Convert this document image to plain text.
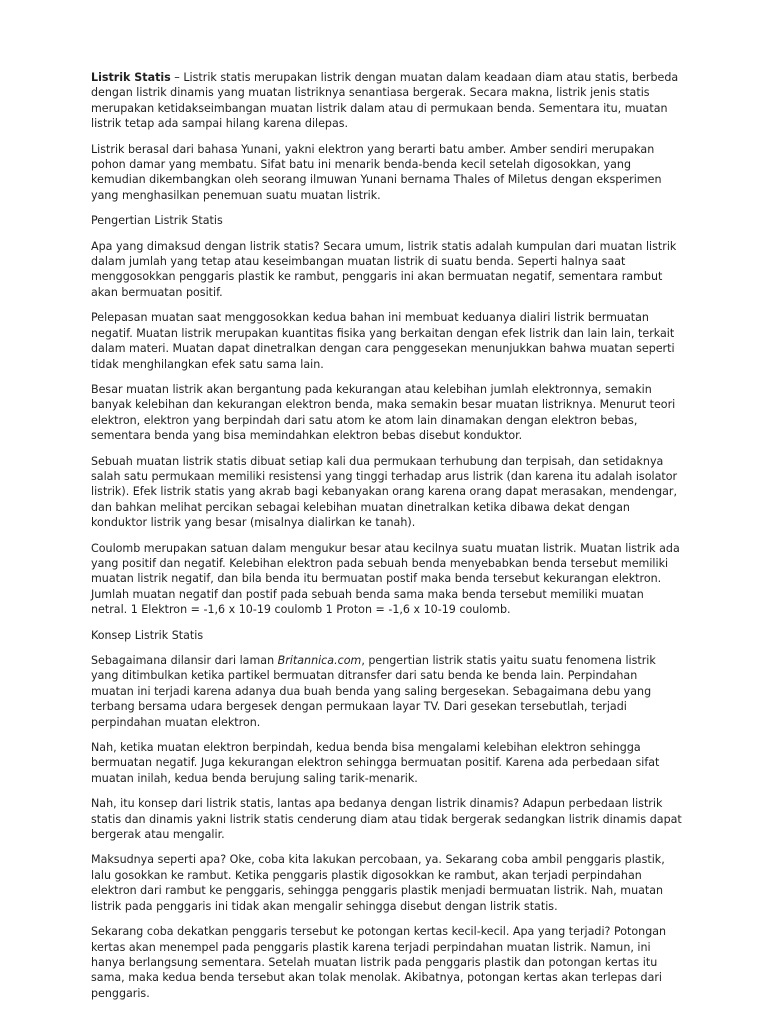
Listrik Statis – Listrik statis merupakan listrik dengan muatan dalam keadaan diam atau statis, berbeda dengan listrik dinamis yang muatan listriknya senantiasa bergerak. Secara makna, listrik jenis statis merupakan ketidakseimbangan muatan listrik dalam atau di permukaan benda. Sementara itu, muatan listrik tetap ada sampai hilang karena dilepas.

Listrik berasal dari bahasa Yunani, yakni elektron yang berarti batu amber. Amber sendiri merupakan pohon damar yang membatu. Sifat batu ini menarik benda-benda kecil setelah digosokkan, yang kemudian dikembangkan oleh seorang ilmuwan Yunani bernama Thales of Miletus dengan eksperimen yang menghasilkan penemuan suatu muatan listrik.

Pengertian Listrik Statis

Apa yang dimaksud dengan listrik statis? Secara umum, listrik statis adalah kumpulan dari muatan listrik dalam jumlah yang tetap atau keseimbangan muatan listrik di suatu benda. Seperti halnya saat menggosokkan penggaris plastik ke rambut, penggaris ini akan bermuatan negatif, sementara rambut akan bermuatan positif.

Pelepasan muatan saat menggosokkan kedua bahan ini membuat keduanya dialiri listrik bermuatan negatif. Muatan listrik merupakan kuantitas fisika yang berkaitan dengan efek listrik dan lain lain, terkait dalam materi. Muatan dapat dinetralkan dengan cara penggesekan menunjukkan bahwa muatan seperti tidak menghilangkan efek satu sama lain.

Besar muatan listrik akan bergantung pada kekurangan atau kelebihan jumlah elektronnya, semakin banyak kelebihan dan kekurangan elektron benda, maka semakin besar muatan listriknya. Menurut teori elektron, elektron yang berpindah dari satu atom ke atom lain dinamakan dengan elektron bebas, sementara benda yang bisa memindahkan elektron bebas disebut konduktor.

Sebuah muatan listrik statis dibuat setiap kali dua permukaan terhubung dan terpisah, dan setidaknya salah satu permukaan memiliki resistensi yang tinggi terhadap arus listrik (dan karena itu adalah isolator listrik). Efek listrik statis yang akrab bagi kebanyakan orang karena orang dapat merasakan, mendengar, dan bahkan melihat percikan sebagai kelebihan muatan dinetralkan ketika dibawa dekat dengan konduktor listrik yang besar (misalnya dialirkan ke tanah).

Coulomb merupakan satuan dalam mengukur besar atau kecilnya suatu muatan listrik. Muatan listrik ada yang positif dan negatif. Kelebihan elektron pada sebuah benda menyebabkan benda tersebut memiliki muatan listrik negatif, dan bila benda itu bermuatan postif maka benda tersebut kekurangan elektron. Jumlah muatan negatif dan postif pada sebuah benda sama maka benda tersebut memiliki muatan netral. 1 Elektron = -1,6 x 10-19 coulomb 1 Proton = -1,6 x 10-19 coulomb.

Konsep Listrik Statis

Sebagaimana dilansir dari laman Britannica.com, pengertian listrik statis yaitu suatu fenomena listrik yang ditimbulkan ketika partikel bermuatan ditransfer dari satu benda ke benda lain. Perpindahan muatan ini terjadi karena adanya dua buah benda yang saling bergesekan. Sebagaimana debu yang terbang bersama udara bergesek dengan permukaan layar TV. Dari gesekan tersebutlah, terjadi perpindahan muatan elektron.

Nah, ketika muatan elektron berpindah, kedua benda bisa mengalami kelebihan elektron sehingga bermuatan negatif. Juga kekurangan elektron sehingga bermuatan positif. Karena ada perbedaan sifat muatan inilah, kedua benda berujung saling tarik-menarik.

Nah, itu konsep dari listrik statis, lantas apa bedanya dengan listrik dinamis? Adapun perbedaan listrik statis dan dinamis yakni listrik statis cenderung diam atau tidak bergerak sedangkan listrik dinamis dapat bergerak atau mengalir.

Maksudnya seperti apa? Oke, coba kita lakukan percobaan, ya. Sekarang coba ambil penggaris plastik, lalu gosokkan ke rambut. Ketika penggaris plastik digosokkan ke rambut, akan terjadi perpindahan elektron dari rambut ke penggaris, sehingga penggaris plastik menjadi bermuatan listrik. Nah, muatan listrik pada penggaris ini tidak akan mengalir sehingga disebut dengan listrik statis.

Sekarang coba dekatkan penggaris tersebut ke potongan kertas kecil-kecil. Apa yang terjadi? Potongan kertas akan menempel pada penggaris plastik karena terjadi perpindahan muatan listrik. Namun, ini hanya berlangsung sementara. Setelah muatan listrik pada penggaris plastik dan potongan kertas itu sama, maka kedua benda tersebut akan tolak menolak. Akibatnya, potongan kertas akan terlepas dari penggaris.
